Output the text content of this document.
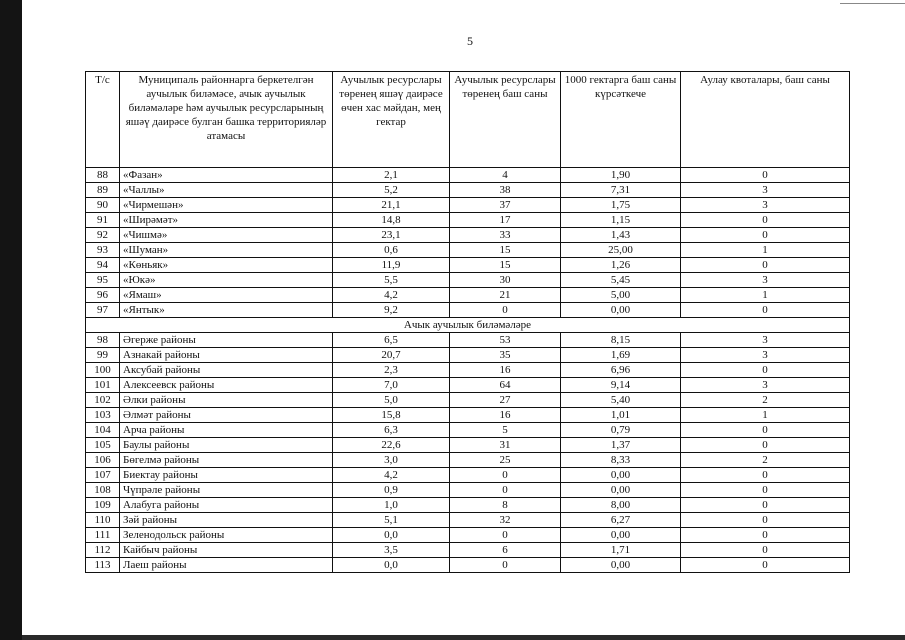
5
Т/с	Муниципаль районнарга беркетелгән аучылык биләмәсе, ачык аучылык биләмәләре һәм аучылык ресурсларының яшәү даирәсе булган башка территорияләр атамасы	Аучылык ресурслары төренең яшәү даирәсе өчен хас мәйдан, мең гектар	Аучылык ресурслары төренең баш саны	1000 гектарга баш саны күрсәткече	Аулау квоталары, баш саны
88	«Фазан»	2,1	4	1,90	0
89	«Чаллы»	5,2	38	7,31	3
90	«Чирмешән»	21,1	37	1,75	3
91	«Ширәмәт»	14,8	17	1,15	0
92	«Чишмә»	23,1	33	1,43	0
93	«Шуман»	0,6	15	25,00	1
94	«Көньяк»	11,9	15	1,26	0
95	«Юкә»	5,5	30	5,45	3
96	«Ямаш»	4,2	21	5,00	1
97	«Янтык»	9,2	0	0,00	0
Ачык аучылык биләмәләре					
98	Әгерже районы	6,5	53	8,15	3
99	Азнакай районы	20,7	35	1,69	3
100	Аксубай районы	2,3	16	6,96	0
101	Алексеевск районы	7,0	64	9,14	3
102	Әлки районы	5,0	27	5,40	2
103	Әлмәт районы	15,8	16	1,01	1
104	Арча районы	6,3	5	0,79	0
105	Баулы районы	22,6	31	1,37	0
106	Бөгелмә районы	3,0	25	8,33	2
107	Биектау районы	4,2	0	0,00	0
108	Чүпрәле районы	0,9	0	0,00	0
109	Алабуга районы	1,0	8	8,00	0
110	Зәй районы	5,1	32	6,27	0
111	Зеленодольск районы	0,0	0	0,00	0
112	Кайбыч районы	3,5	6	1,71	0
113	Лаеш районы	0,0	0	0,00	0
